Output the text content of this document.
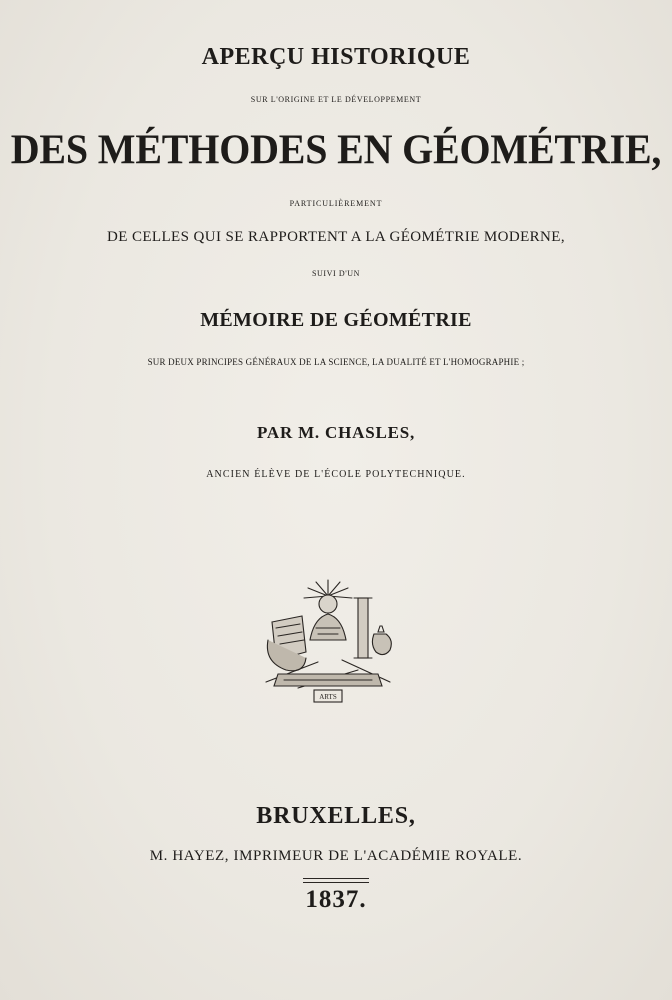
APERÇU HISTORIQUE
SUR L'ORIGINE ET LE DÉVELOPPEMENT
DES MÉTHODES EN GÉOMÉTRIE,
PARTICULIÈREMENT
DE CELLES QUI SE RAPPORTENT A LA GÉOMÉTRIE MODERNE,
SUIVI D'UN
MÉMOIRE DE GÉOMÉTRIE
SUR DEUX PRINCIPES GÉNÉRAUX DE LA SCIENCE, LA DUALITÉ ET L'HOMOGRAPHIE ;
PAR M. CHASLES,
ANCIEN ÉLÈVE DE L'ÉCOLE POLYTECHNIQUE.
ARTS
BRUXELLES,
M. HAYEZ, IMPRIMEUR DE L'ACADÉMIE ROYALE.
1837.
